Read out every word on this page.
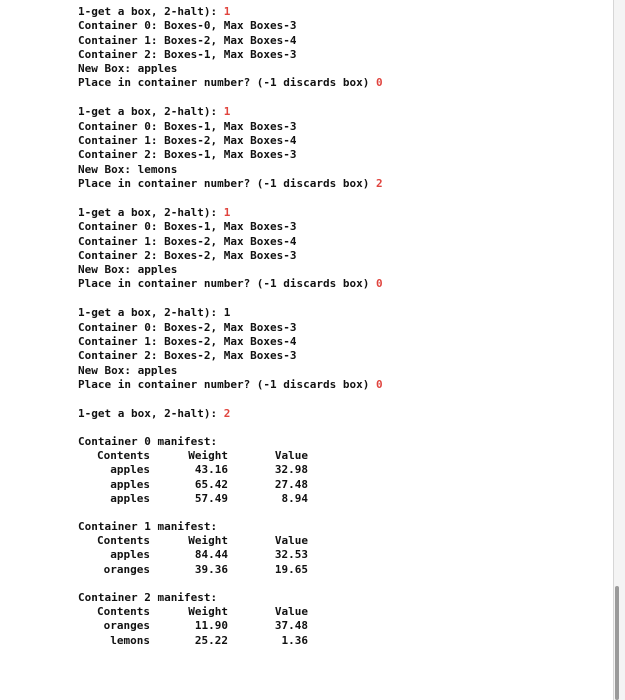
1-get a box, 2-halt): 1
Container 0: Boxes-0, Max Boxes-3
Container 1: Boxes-2, Max Boxes-4
Container 2: Boxes-1, Max Boxes-3
New Box: apples
Place in container number? (-1 discards box) 0
1-get a box, 2-halt): 1
Container 0: Boxes-1, Max Boxes-3
Container 1: Boxes-2, Max Boxes-4
Container 2: Boxes-1, Max Boxes-3
New Box: lemons
Place in container number? (-1 discards box) 2
1-get a box, 2-halt): 1
Container 0: Boxes-1, Max Boxes-3
Container 1: Boxes-2, Max Boxes-4
Container 2: Boxes-2, Max Boxes-3
New Box: apples
Place in container number? (-1 discards box) 0
1-get a box, 2-halt): 1
Container 0: Boxes-2, Max Boxes-3
Container 1: Boxes-2, Max Boxes-4
Container 2: Boxes-2, Max Boxes-3
New Box: apples
Place in container number? (-1 discards box) 0
1-get a box, 2-halt): 2
Container 0 manifest:
Contents	Weight	Value
apples	43.16	32.98
apples	65.42	27.48
apples	57.49	8.94
Container 1 manifest:
Contents	Weight	Value
apples	84.44	32.53
oranges	39.36	19.65
Container 2 manifest:
Contents	Weight	Value
oranges	11.90	37.48
lemons	25.22	1.36
